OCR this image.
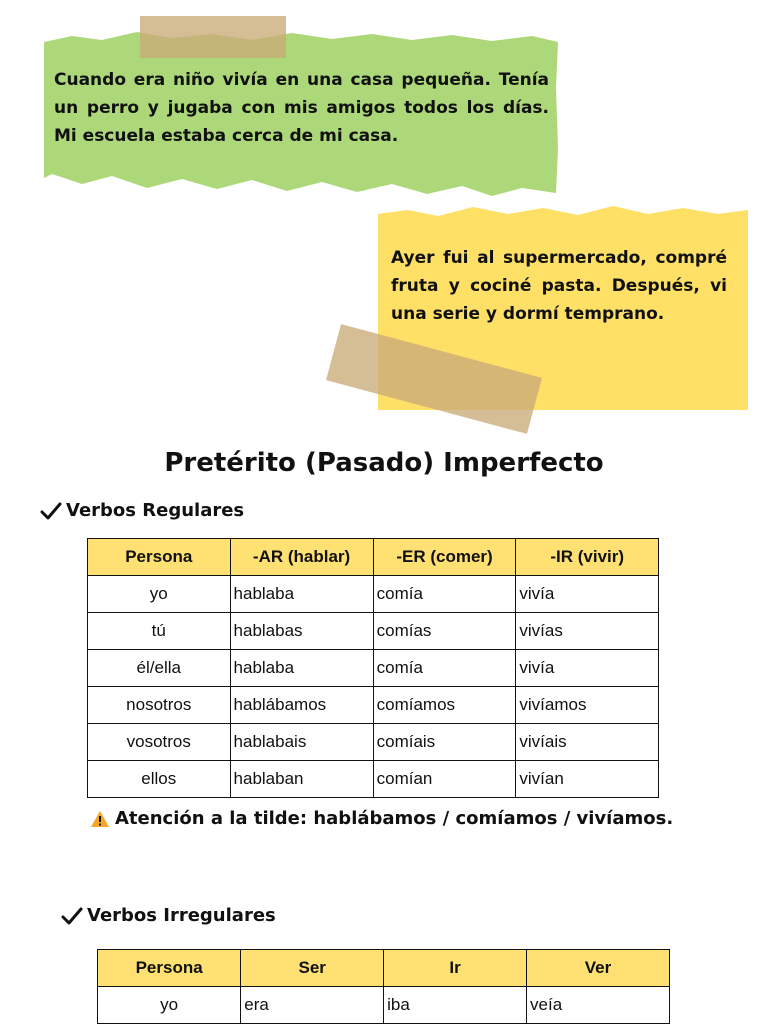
Cuando era niño vivía en una casa pequeña. Tenía un perro y jugaba con mis amigos todos los días. Mi escuela estaba cerca de mi casa.
Ayer fui al supermercado, compré fruta y cociné pasta. Después, vi una serie y dormí temprano.
Pretérito (Pasado) Imperfecto
Verbos Regulares
Persona	-AR (hablar)	-ER (comer)	-IR (vivir)
yo	hablaba	comía	vivía
tú	hablabas	comías	vivías
él/ella	hablaba	comía	vivía
nosotros	hablábamos	comíamos	vivíamos
vosotros	hablabais	comíais	vivíais
ellos	hablaban	comían	vivían
Atención a la tilde: hablábamos / comíamos / vivíamos.
Verbos Irregulares
Persona	Ser	Ir	Ver
yo	era	iba	veía
